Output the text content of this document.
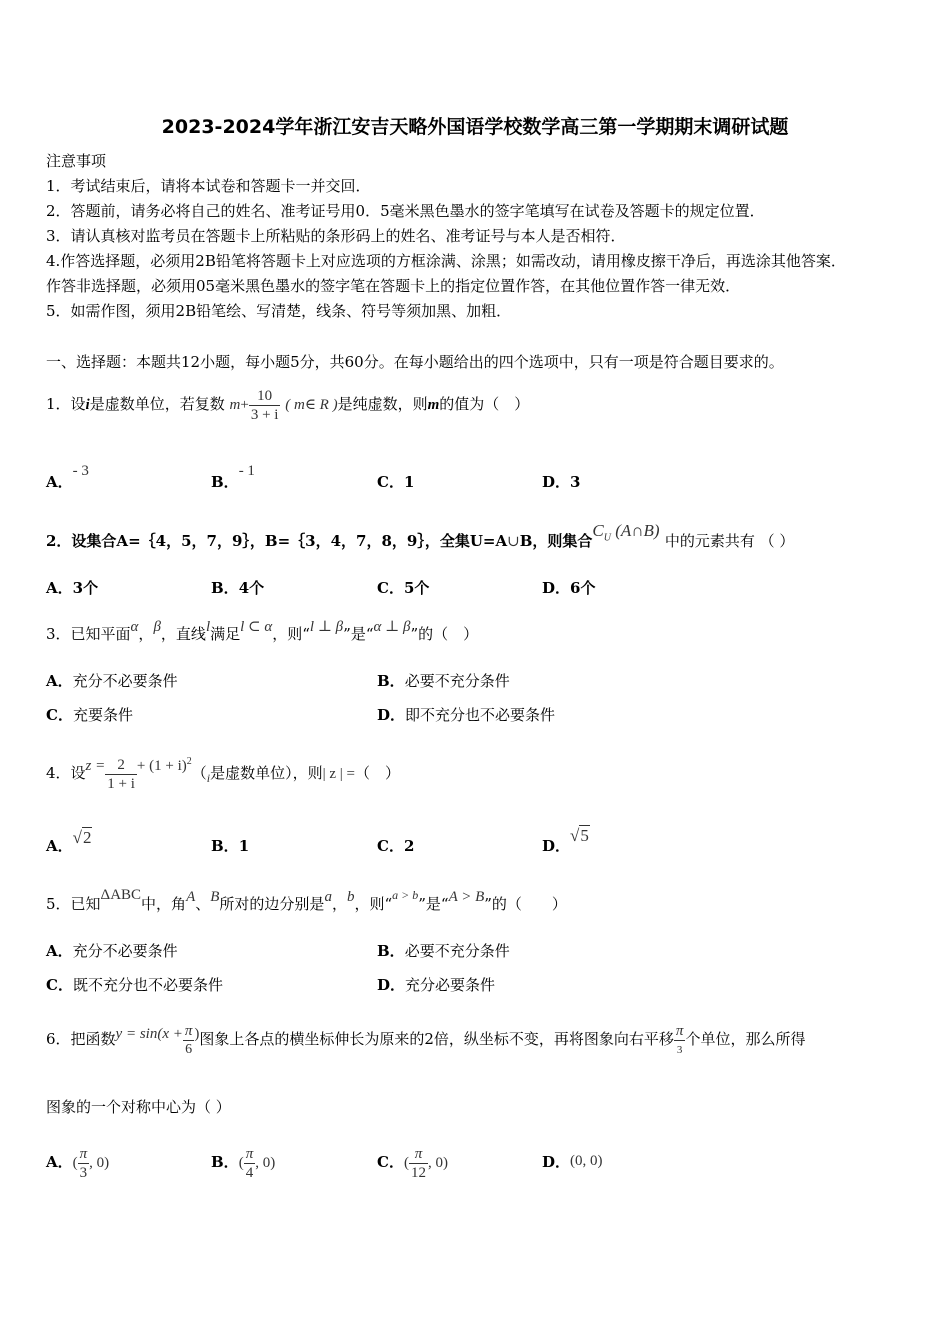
2023-2024学年浙江安吉天略外国语学校数学高三第一学期期末调研试题
注意事项
1．考试结束后，请将本试卷和答题卡一并交回．
2．答题前，请务必将自己的姓名、准考证号用0．5毫米黑色墨水的签字笔填写在试卷及答题卡的规定位置．
3．请认真核对监考员在答题卡上所粘贴的条形码上的姓名、准考证号与本人是否相符．
4.作答选择题，必须用2B铅笔将答题卡上对应选项的方框涂满、涂黑；如需改动，请用橡皮擦干净后，再选涂其他答案．
作答非选择题，必须用05毫米黑色墨水的签字笔在答题卡上的指定位置作答，在其他位置作答一律无效．
5．如需作图，须用2B铅笔绘、写清楚，线条、符号等须加黑、加粗．
一、选择题：本题共12小题，每小题5分，共60分。在每小题给出的四个选项中，只有一项是符合题目要求的。
1．设i是虚数单位，若复数 $m+ \frac{10}{3 + i}$ ( m∈ R )是纯虚数，则m的值为（　）
A．- 3
B．- 1
C．1	D．3
2．设集合A=｛4，5，7，9｝，B=｛3，4，7，8，9｝，全集U=A∪B，则集合$C_U$ (A∩B) 中的元素共有 （ ）
A．3个	B．4个	C．5个	D．6个
3．已知平面α，β，直线l满足l ⊂ α，则“l ⊥ β”是“α ⊥ β”的（　）
A．充分不必要条件	B．必要不充分条件
C．充要条件	D．即不充分也不必要条件
4．设$z = \frac{2}{1 + i} + (1 + i)^2(_i$是虚数单位），则| z | =（　）
A．√2	B．1	C．2	D．√5
5．已知ΔABC中，角A、B所对的边分别是a，b，则“$^{a > b}$”是“A > B”的（　　）
A．充分不必要条件	B．必要不充分条件
C．既不充分也不必要条件	D．充分必要条件
6．把函数$y = \sin(x + \frac{\pi}{6}$ )图象上各点的横坐标伸长为原来的2倍，纵坐标不变，再将图象向右平移 $\frac{\pi}{3}$ 个单位，那么所得
图象的一个对称中心为（ ）
A．( $\frac{\pi}{3}$ , 0)	B．( $\frac{\pi}{4}$ , 0)	C．( $\frac{\pi}{12}$ , 0)	D．(0, 0)
